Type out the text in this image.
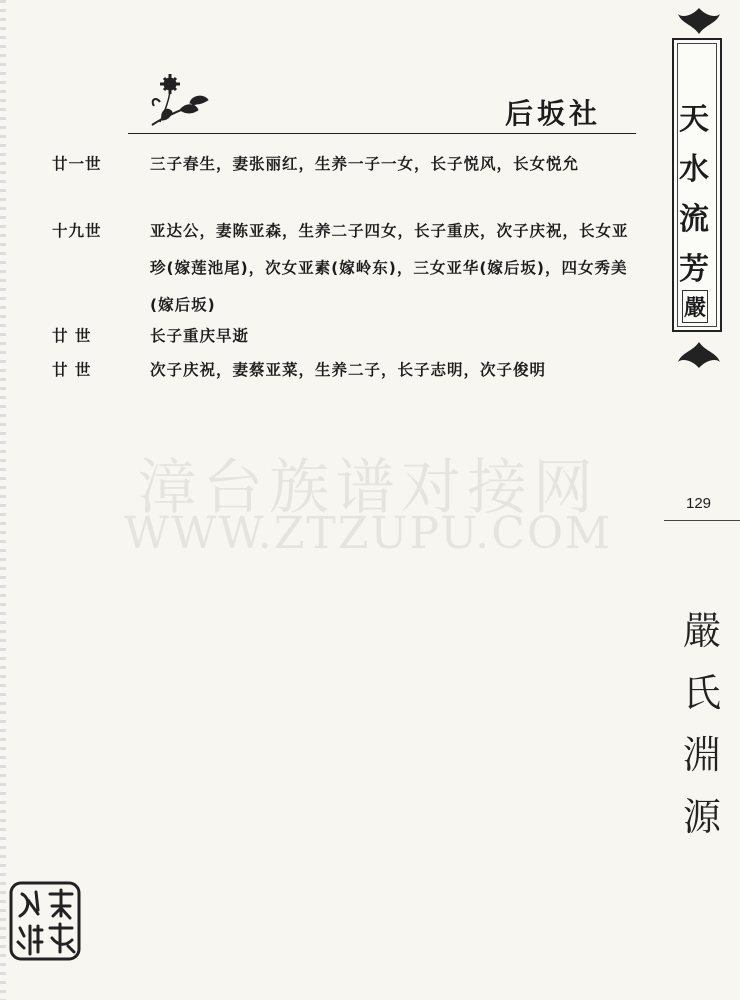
后坂社
廿一世	三子春生，妻张丽红，生养一子一女，长子悦风，长女悦允
十九世	亚达公，妻陈亚森，生养二子四女，长子重庆，次子庆祝，长女亚珍(嫁莲池尾)，次女亚素(嫁岭东)，三女亚华(嫁后坂)，四女秀美(嫁后坂)
廿 世	长子重庆早逝
廿 世	次子庆祝，妻蔡亚菜，生养二子，长子志明，次子俊明
漳台族谱对接网
WWW.ZTZUPU.COM
天
水
流
芳
嚴
129
嚴
氏
淵
源
